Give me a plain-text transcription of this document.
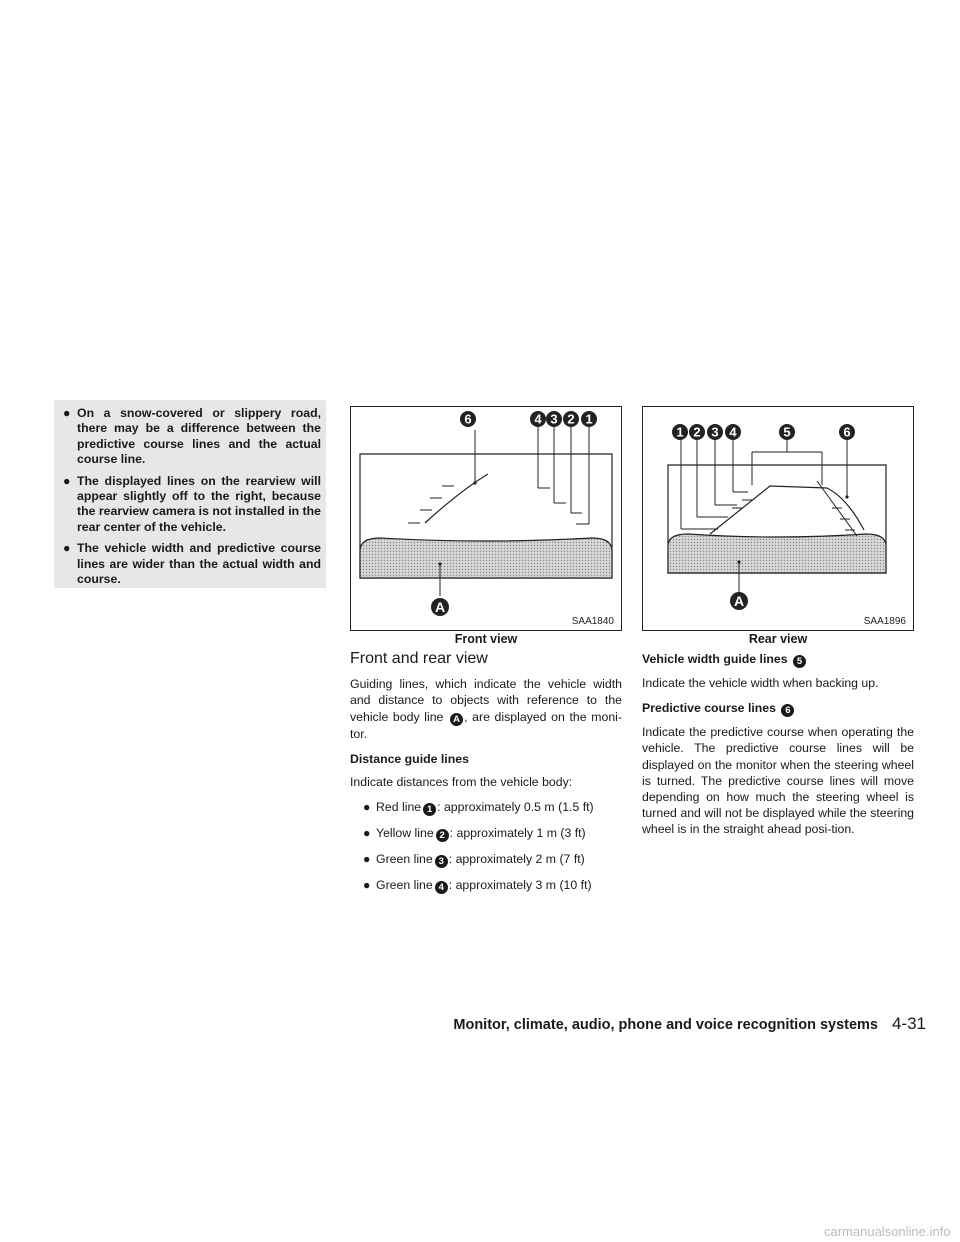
● On a snow-covered or slippery road, there may be a difference between the predictive course lines and the actual course line.
● The displayed lines on the rearview will appear slightly off to the right, because the rearview camera is not installed in the rear center of the vehicle.
● The vehicle width and predictive course lines are wider than the actual width and course.
6	4 3 2 1
A
SAA1840
Front view
1 2 3 4	5	6
A
SAA1896
Rear view
Front and rear view

Guiding lines, which indicate the vehicle width and distance to objects with reference to the vehicle body line A , are displayed on the moni-tor.

Distance guide lines

Indicate distances from the vehicle body:

● Red line 1 : approximately 0.5 m (1.5 ft)
● Yellow line 2 : approximately 1 m (3 ft)
● Green line 3 : approximately 2 m (7 ft)
● Green line 4 : approximately 3 m (10 ft)
Vehicle width guide lines 5

Indicate the vehicle width when backing up.

Predictive course lines 6

Indicate the predictive course when operating the vehicle. The predictive course lines will be displayed on the monitor when the steering wheel is turned. The predictive course lines will move depending on how much the steering wheel is turned and will not be displayed while the steering wheel is in the straight ahead posi-tion.

Monitor, climate, audio, phone and voice recognition systems 4-31
carmanualsonline.info
